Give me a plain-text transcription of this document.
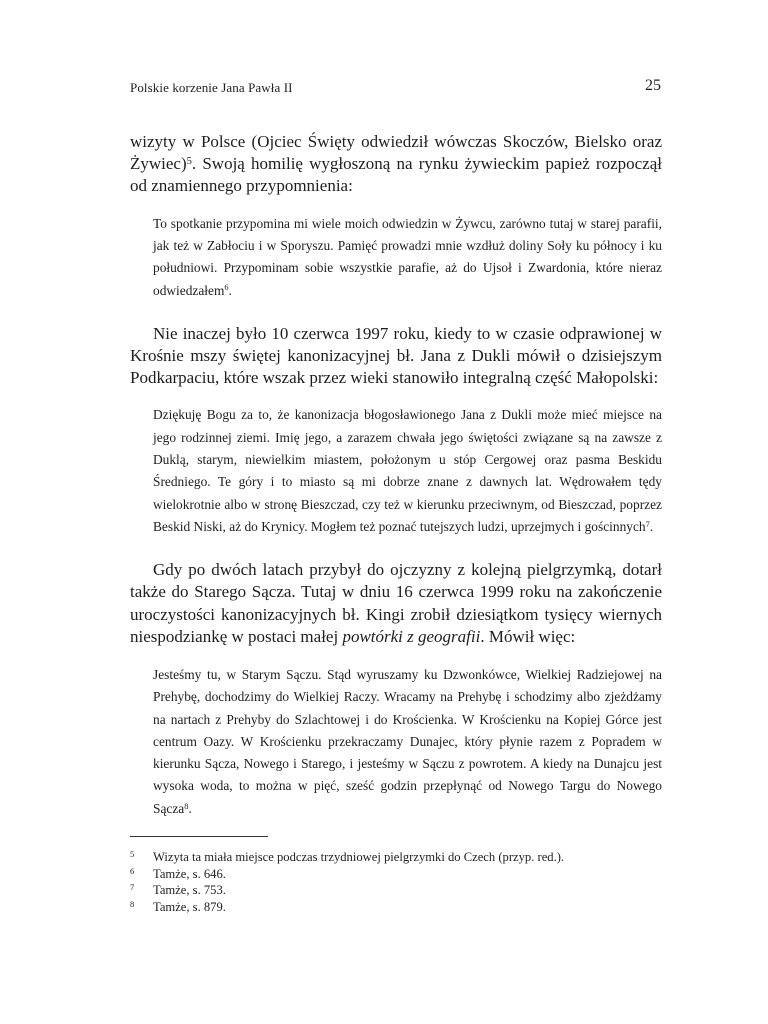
Polskie korzenie Jana Pawła II	25

wizyty w Polsce (Ojciec Święty odwiedził wówczas Skoczów, Bielsko oraz Żywiec)$^5$. Swoją homilię wygłoszoną na rynku żywieckim papież rozpoczął od znamiennego przypomnienia:

To spotkanie przypomina mi wiele moich odwiedzin w Żywcu, zarówno tutaj w starej parafii, jak też w Zabłociu i w Sporyszu. Pamięć prowadzi mnie wzdłuż doliny Soły ku północy i ku południowi. Przypominam sobie wszystkie parafie, aż do Ujsoł i Zwardonia, które nieraz odwiedzałem$^6$.

Nie inaczej było 10 czerwca 1997 roku, kiedy to w czasie odprawionej w Krośnie mszy świętej kanonizacyjnej bł. Jana z Dukli mówił o dzisiejszym Podkarpaciu, które wszak przez wieki stanowiło integralną część Małopolski:

Dziękuję Bogu za to, że kanonizacja błogosławionego Jana z Dukli może mieć miejsce na jego rodzinnej ziemi. Imię jego, a zarazem chwała jego świętości związane są na zawsze z Duklą, starym, niewielkim miastem, położonym u stóp Cergowej oraz pasma Beskidu Średniego. Te góry i to miasto są mi dobrze znane z dawnych lat. Wędrowałem tędy wielokrotnie albo w stronę Bieszczad, czy też w kierunku przeciwnym, od Bieszczad, poprzez Beskid Niski, aż do Krynicy. Mogłem też poznać tutejszych ludzi, uprzejmych i gościnnych$^7$.

Gdy po dwóch latach przybył do ojczyzny z kolejną pielgrzymką, dotarł także do Starego Sącza. Tutaj w dniu 16 czerwca 1999 roku na zakończenie uroczystości kanonizacyjnych bł. Kingi zrobił dziesiątkom tysięcy wiernych niespodziankę w postaci małej powtórki z geografii. Mówił więc:

Jesteśmy tu, w Starym Sączu. Stąd wyruszamy ku Dzwonkówce, Wielkiej Radziejowej na Prehybę, dochodzimy do Wielkiej Raczy. Wracamy na Prehybę i schodzimy albo zjeżdżamy na nartach z Prehyby do Szlachtowej i do Krościenka. W Krościenku na Kopiej Górce jest centrum Oazy. W Krościenku przekraczamy Dunajec, który płynie razem z Popradem w kierunku Sącza, Nowego i Starego, i jesteśmy w Sączu z powrotem. A kiedy na Dunajcu jest wysoka woda, to można w pięć, sześć godzin przepłynąć od Nowego Targu do Nowego Sącza$^8$.

5 Wizyta ta miała miejsce podczas trzydniowej pielgrzymki do Czech (przyp. red.).
6 Tamże, s. 646.
7 Tamże, s. 753.
8 Tamże, s. 879.
